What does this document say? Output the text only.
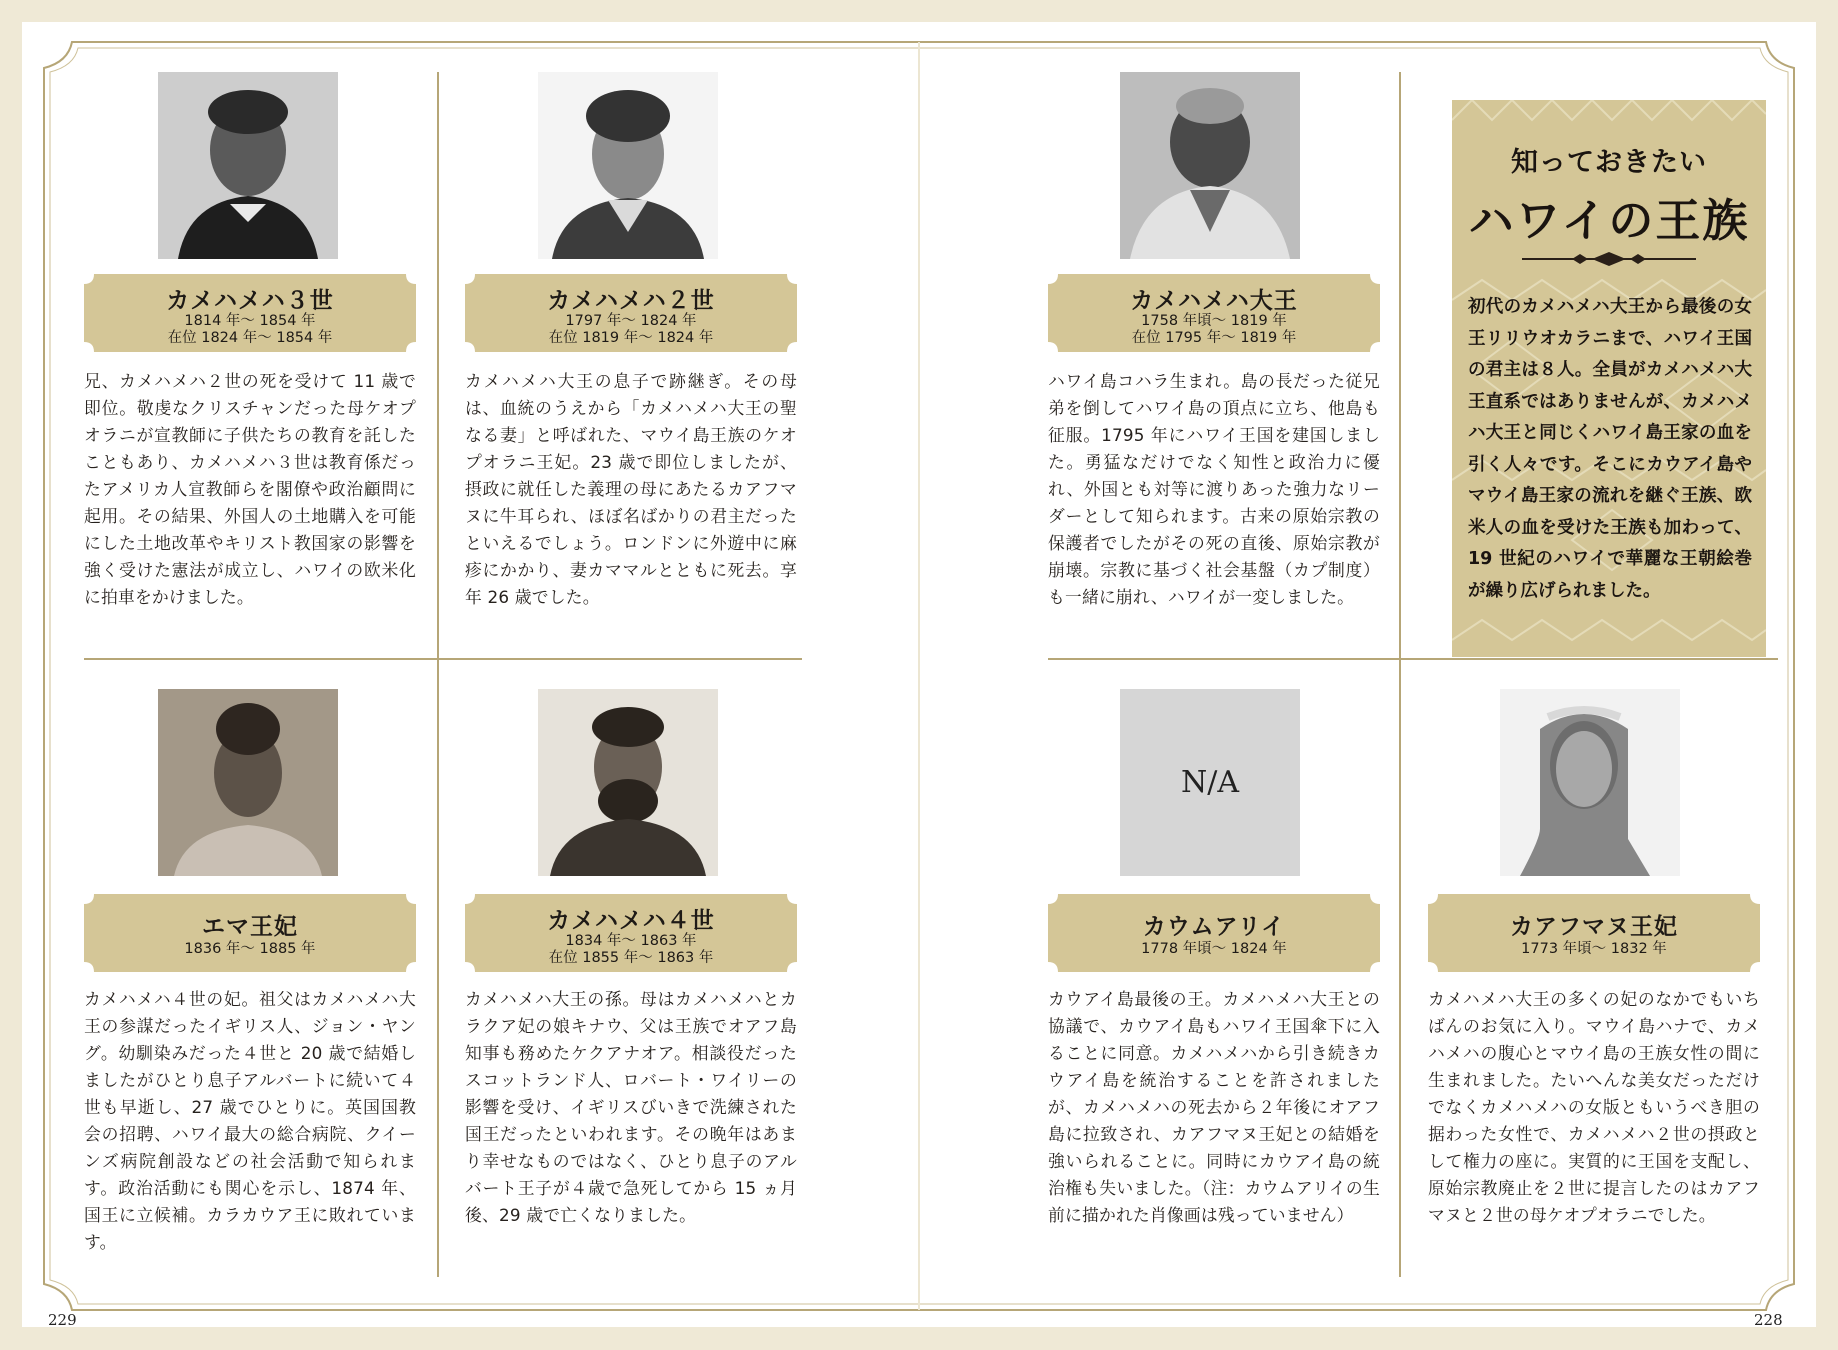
カメハメハ３世
1814 年～ 1854 年
在位 1824 年～ 1854 年
兄、カメハメハ２世の死を受けて 11 歳で即位。敬虔なクリスチャンだった母ケオプオラニが宣教師に子供たちの教育を託したこともあり、カメハメハ３世は教育係だったアメリカ人宣教師らを閣僚や政治顧問に起用。その結果、外国人の土地購入を可能にした土地改革やキリスト教国家の影響を強く受けた憲法が成立し、ハワイの欧米化に拍車をかけました。
カメハメハ２世
1797 年～ 1824 年
在位 1819 年～ 1824 年
カメハメハ大王の息子で跡継ぎ。その母は、血統のうえから「カメハメハ大王の聖なる妻」と呼ばれた、マウイ島王族のケオプオラニ王妃。23 歳で即位しましたが、摂政に就任した義理の母にあたるカアフマヌに牛耳られ、ほぼ名ばかりの君主だったといえるでしょう。ロンドンに外遊中に麻疹にかかり、妻カママルとともに死去。享年 26 歳でした。
カメハメハ大王
1758 年頃～ 1819 年
在位 1795 年～ 1819 年
ハワイ島コハラ生まれ。島の長だった従兄弟を倒してハワイ島の頂点に立ち、他島も征服。1795 年にハワイ王国を建国しました。勇猛なだけでなく知性と政治力に優れ、外国とも対等に渡りあった強力なリーダーとして知られます。古来の原始宗教の保護者でしたがその死の直後、原始宗教が崩壊。宗教に基づく社会基盤（カプ制度）も一緒に崩れ、ハワイが一変しました。
知っておきたい
ハワイの王族
初代のカメハメハ大王から最後の女王リリウオカラニまで、ハワイ王国の君主は８人。全員がカメハメハ大王直系ではありませんが、カメハメハ大王と同じくハワイ島王家の血を引く人々です。そこにカウアイ島やマウイ島王家の流れを継ぐ王族、欧米人の血を受けた王族も加わって、19 世紀のハワイで華麗な王朝絵巻が繰り広げられました。
エマ王妃
1836 年～ 1885 年
カメハメハ４世の妃。祖父はカメハメハ大王の参謀だったイギリス人、ジョン・ヤング。幼馴染みだった４世と 20 歳で結婚しましたがひとり息子アルバートに続いて４世も早逝し、27 歳でひとりに。英国国教会の招聘、ハワイ最大の総合病院、クイーンズ病院創設などの社会活動で知られます。政治活動にも関心を示し、1874 年、国王に立候補。カラカウア王に敗れています。
カメハメハ４世
1834 年～ 1863 年
在位 1855 年～ 1863 年
カメハメハ大王の孫。母はカメハメハとカラクア妃の娘キナウ、父は王族でオアフ島知事も務めたケクアナオア。相談役だったスコットランド人、ロバート・ワイリーの影響を受け、イギリスびいきで洗練された国王だったといわれます。その晩年はあまり幸せなものではなく、ひとり息子のアルバート王子が４歳で急死してから 15 ヵ月後、29 歳で亡くなりました。
N/A
カウムアリイ
1778 年頃～ 1824 年
カウアイ島最後の王。カメハメハ大王との協議で、カウアイ島もハワイ王国傘下に入ることに同意。カメハメハから引き続きカウアイ島を統治することを許されましたが、カメハメハの死去から２年後にオアフ島に拉致され、カアフマヌ王妃との結婚を強いられることに。同時にカウアイ島の統治権も失いました。（注：カウムアリイの生前に描かれた肖像画は残っていません）
カアフマヌ王妃
1773 年頃～ 1832 年
カメハメハ大王の多くの妃のなかでもいちばんのお気に入り。マウイ島ハナで、カメハメハの腹心とマウイ島の王族女性の間に生まれました。たいへんな美女だっただけでなくカメハメハの女版ともいうべき胆の据わった女性で、カメハメハ２世の摂政として権力の座に。実質的に王国を支配し、原始宗教廃止を２世に提言したのはカアフマヌと２世の母ケオプオラニでした。
229	228
